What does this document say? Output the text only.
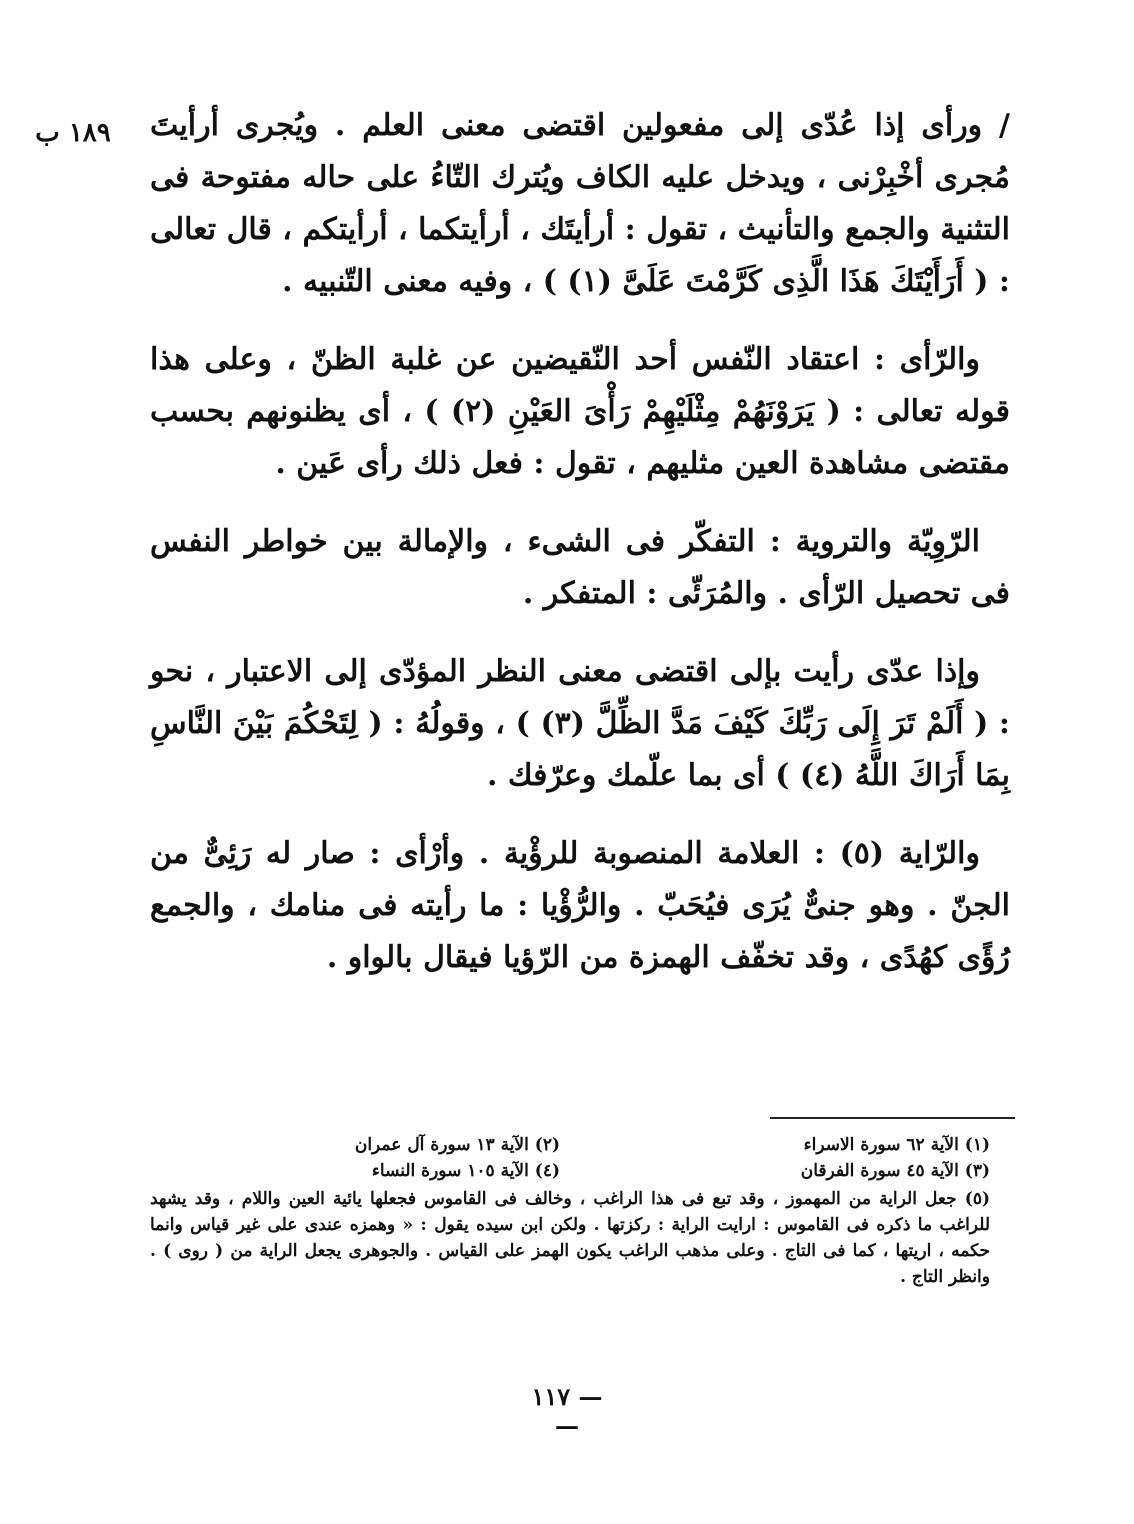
١٨٩ ب / ورأى إذا عُدّى إلى مفعولين اقتضى معنى العلم . ويُجرى أرأيتَ مُجرى أخْبِرْنى ، ويدخل عليه الكاف ويُترك التّاءُ على حاله مفتوحة فى التثنية والجمع والتأنيث ، تقول : أرأيتَك ، أرأيتكما ، أرأيتكم ، قال تعالى : ( أَرَأَيْتَكَ هَذَا الَّذِى كَرَّمْتَ عَلَىَّ (١) ) ، وفيه معنى التّنبيه .

والرّأى : اعتقاد النّفس أحد النّقيضين عن غلبة الظنّ ، وعلى هذا قوله تعالى : ( يَرَوْنَهُمْ مِثْلَيْهِمْ رَأْىَ العَيْنِ (٢) ) ، أى يظنونهم بحسب مقتضى مشاهدة العين مثليهم ، تقول : فعل ذلك رأى عَين .

الرّوِيّة والتروية : التفكّر فى الشىء ، والإمالة بين خواطر النفس فى تحصيل الرّأى . والمُرَئّى : المتفكر .

وإذا عدّى رأيت بإلى اقتضى معنى النظر المؤدّى إلى الاعتبار ، نحو : ( أَلَمْ تَرَ إِلَى رَبِّكَ كَيْفَ مَدَّ الظِّلَّ (٣) ) ، وقولُهُ : ( لِتَحْكُمَ بَيْنَ النَّاسِ بِمَا أَرَاكَ اللَّهُ (٤) ) أى بما علّمك وعرّفك .

والرّاية (٥) : العلامة المنصوبة للرؤْية . وأرْأى : صار له رَئِىٌّ من الجنّ . وهو جنىٌّ يُرَى فيُحَبّ . والرُّؤْيا : ما رأيته فى منامك ، والجمع رُؤًى كهُدًى ، وقد تخفّف الهمزة من الرّؤيا فيقال بالواو .

(١) الآية ٦٢ سورة الاسراء
(٢) الآية ١٣ سورة آل عمران
(٣) الآية ٤٥ سورة الفرقان
(٤) الآية ١٠٥ سورة النساء
(٥) جعل الراية من المهموز ، وقد تبع فى هذا الراغب ، وخالف فى القاموس فجعلها يائية العين واللام ، وقد يشهد للراغب ما ذكره فى القاموس : ارايت الراية : ركزتها . ولكن ابن سيده يقول : « وهمزه عندى على غير قياس وانما حكمه ، اريتها ، كما فى التاج . وعلى مذهب الراغب يكون الهمز على القياس . والجوهرى يجعل الراية من ( روى ) . وانظر التاج .
— ١١٧ —
